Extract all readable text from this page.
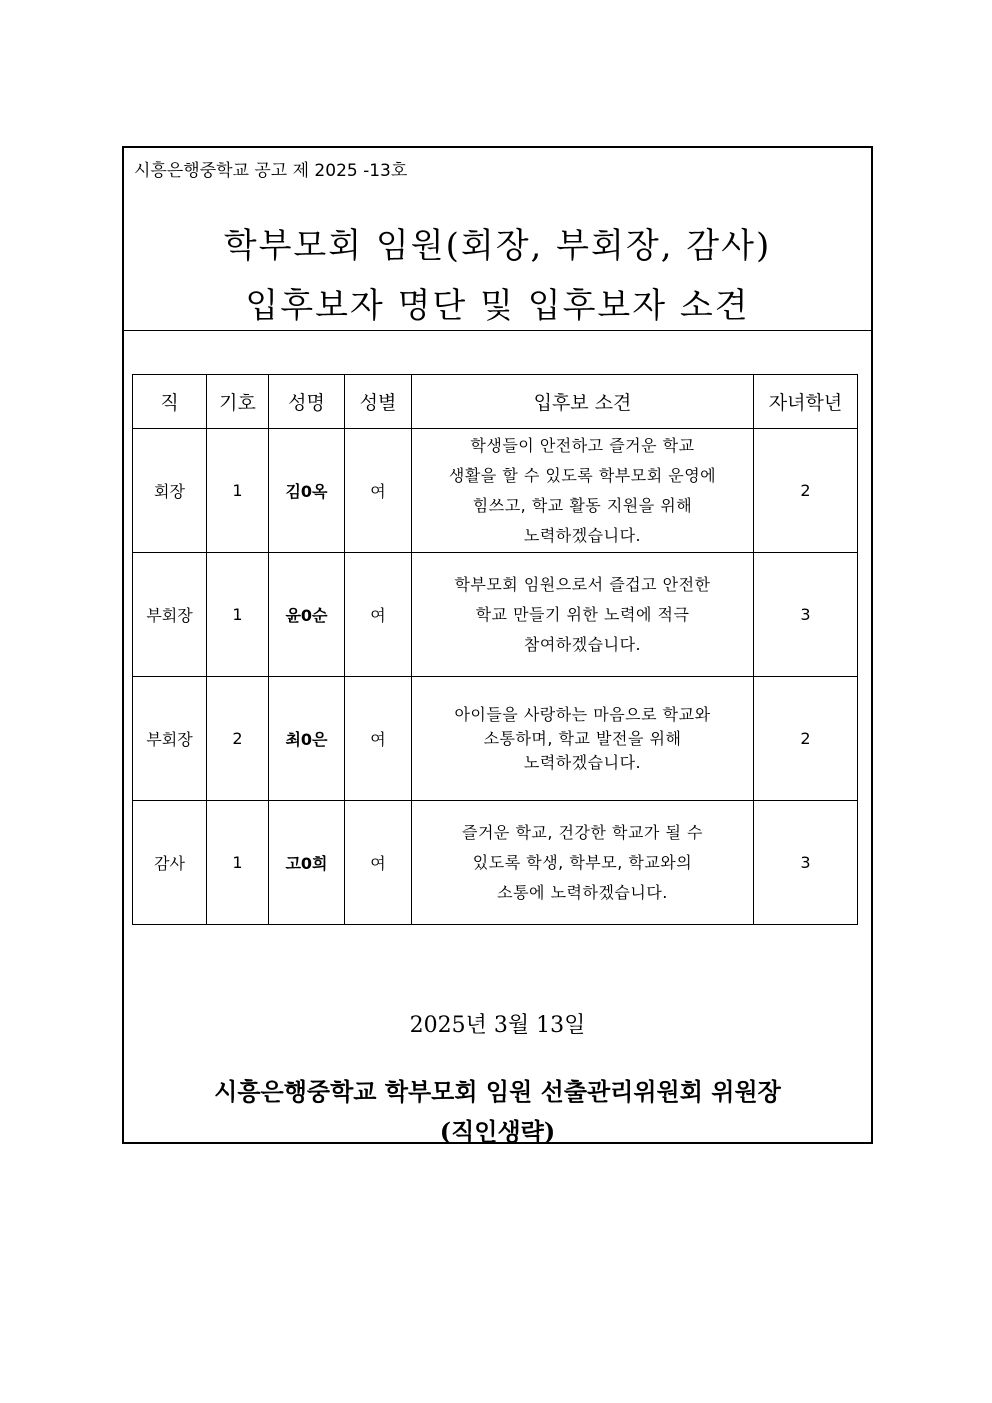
시흥은행중학교 공고 제 2025 -13호
학부모회 임원(회장, 부회장, 감사)
입후보자 명단 및 입후보자 소견
직	기호	성명	성별	입후보 소견	자녀학년
회장	1	김0옥	여	학생들이 안전하고 즐거운 학교
생활을 할 수 있도록 학부모회 운영에
힘쓰고, 학교 활동 지원을 위해
노력하겠습니다.	2
부회장	1	윤0순	여	학부모회 임원으로서 즐겁고 안전한
학교 만들기 위한 노력에 적극
참여하겠습니다.	3
부회장	2	최0은	여	아이들을 사랑하는 마음으로 학교와
소통하며, 학교 발전을 위해
노력하겠습니다.	2
감사	1	고0희	여	즐거운 학교, 건강한 학교가 될 수
있도록 학생, 학부모, 학교와의
소통에 노력하겠습니다.	3
2025년 3월 13일
시흥은행중학교 학부모회 임원 선출관리위원회 위원장
(직인생략)
